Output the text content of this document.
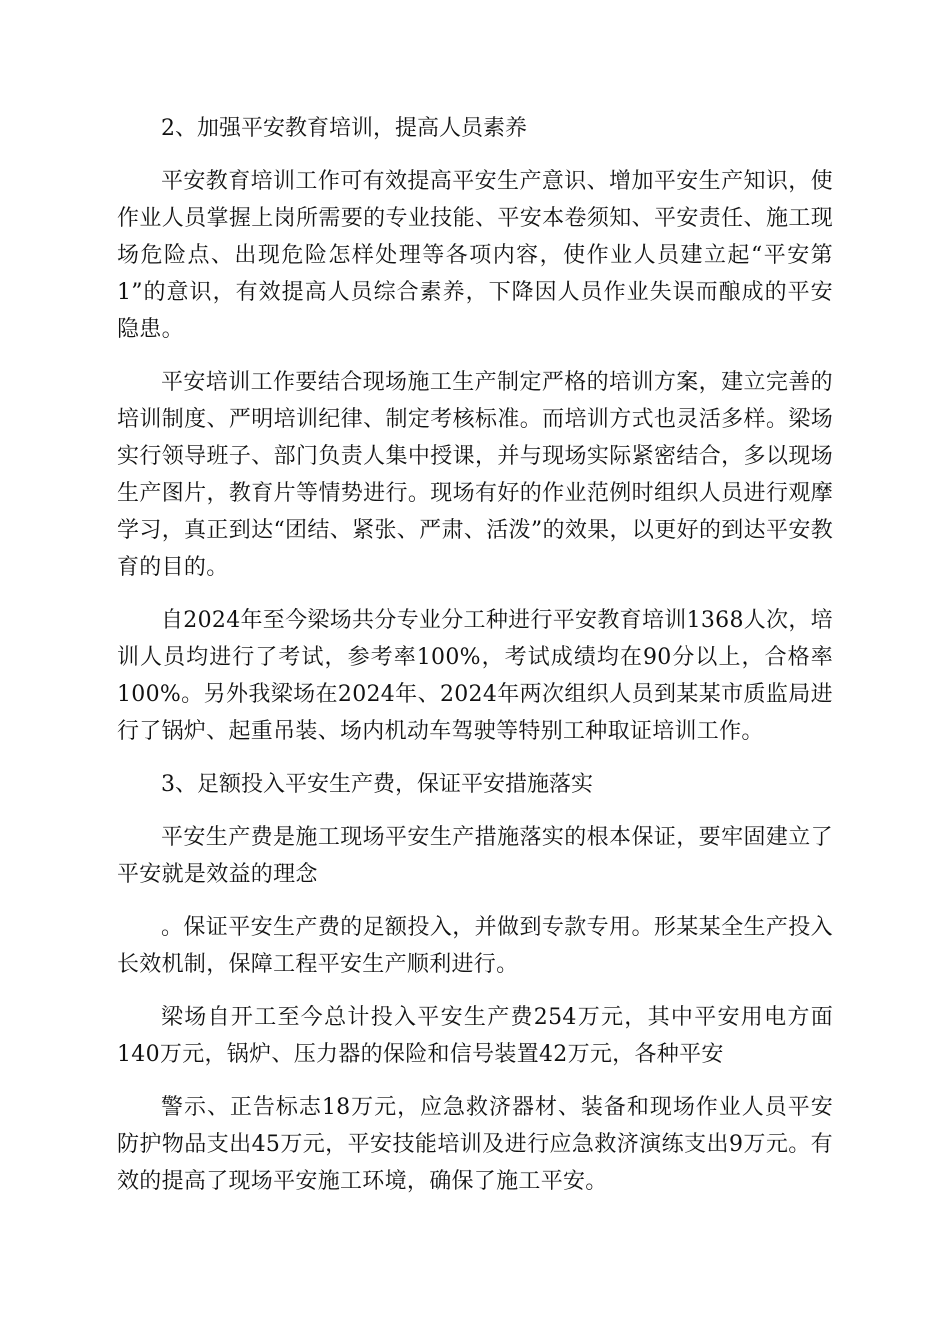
2、加强平安教育培训，提高人员素养

平安教育培训工作可有效提高平安生产意识、增加平安生产知识，使作业人员掌握上岗所需要的专业技能、平安本卷须知、平安责任、施工现场危险点、出现危险怎样处理等各项内容，使作业人员建立起“平安第1”的意识，有效提高人员综合素养，下降因人员作业失误而酿成的平安隐患。

平安培训工作要结合现场施工生产制定严格的培训方案，建立完善的培训制度、严明培训纪律、制定考核标准。而培训方式也灵活多样。梁场实行领导班子、部门负责人集中授课，并与现场实际紧密结合，多以现场生产图片，教育片等情势进行。现场有好的作业范例时组织人员进行观摩学习，真正到达“团结、紧张、严肃、活泼”的效果，以更好的到达平安教育的目的。

自2024年至今梁场共分专业分工种进行平安教育培训1368人次，培训人员均进行了考试，参考率100%，考试成绩均在90分以上，合格率100%。另外我梁场在2024年、2024年两次组织人员到某某市质监局进行了锅炉、起重吊装、场内机动车驾驶等特别工种取证培训工作。

3、足额投入平安生产费，保证平安措施落实

平安生产费是施工现场平安生产措施落实的根本保证，要牢固建立了平安就是效益的理念

。保证平安生产费的足额投入，并做到专款专用。形某某全生产投入长效机制，保障工程平安生产顺利进行。

梁场自开工至今总计投入平安生产费254万元，其中平安用电方面140万元，锅炉、压力器的保险和信号装置42万元，各种平安

警示、正告标志18万元，应急救济器材、装备和现场作业人员平安防护物品支出45万元，平安技能培训及进行应急救济演练支出9万元。有效的提高了现场平安施工环境，确保了施工平安。
